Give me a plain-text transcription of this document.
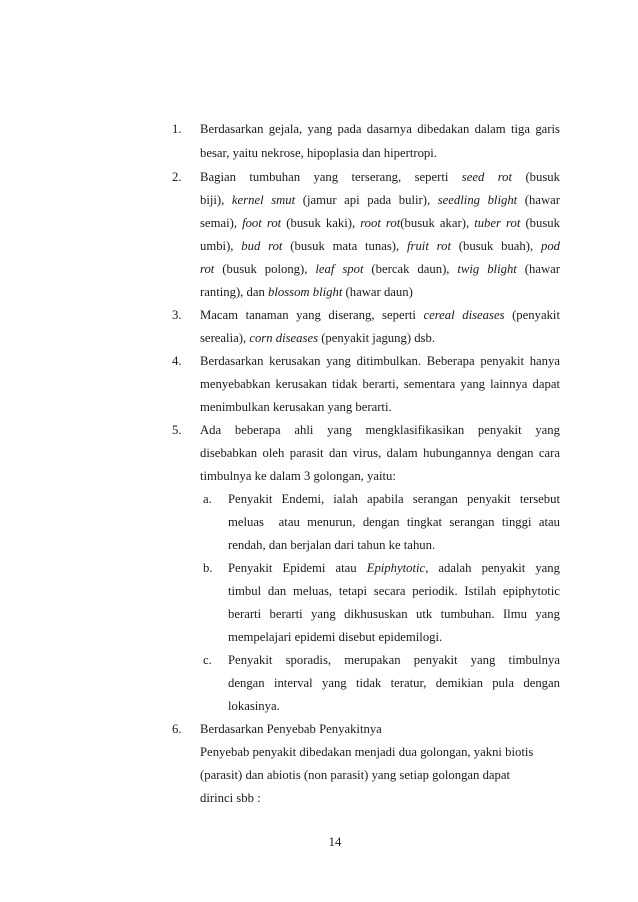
1. Berdasarkan gejala, yang pada dasarnya dibedakan dalam tiga garis
besar, yaitu nekrose, hipoplasia dan hipertropi.
2. Bagian tumbuhan yang terserang, seperti seed rot (busuk
biji), kernel smut (jamur api pada bulir), seedling blight (hawar
semai), foot rot (busuk kaki), root rot(busuk akar), tuber rot (busuk
umbi), bud rot (busuk mata tunas), fruit rot (busuk buah), pod
rot (busuk polong), leaf spot (bercak daun), twig blight (hawar
ranting), dan blossom blight (hawar daun)
3. Macam tanaman yang diserang, seperti cereal diseases (penyakit
serealia), corn diseases (penyakit jagung) dsb.
4. Berdasarkan kerusakan yang ditimbulkan. Beberapa penyakit hanya
menyebabkan kerusakan tidak berarti, sementara yang lainnya dapat
menimbulkan kerusakan yang berarti.
5. Ada beberapa ahli yang mengklasifikasikan penyakit yang
disebabkan oleh parasit dan virus, dalam hubungannya dengan cara
timbulnya ke dalam 3 golongan, yaitu:
a. Penyakit Endemi, ialah apabila serangan penyakit tersebut
meluas  atau menurun, dengan tingkat serangan tinggi atau
rendah, dan berjalan dari tahun ke tahun.
b. Penyakit Epidemi atau Epiphytotic, adalah penyakit yang
timbul dan meluas, tetapi secara periodik. Istilah epiphytotic
berarti berarti yang dikhususkan utk tumbuhan. Ilmu yang
mempelajari epidemi disebut epidemilogi.
c. Penyakit sporadis, merupakan penyakit yang timbulnya
dengan interval yang tidak teratur, demikian pula dengan
lokasinya.
6. Berdasarkan Penyebab Penyakitnya
Penyebab penyakit dibedakan menjadi dua golongan, yakni biotis
(parasit) dan abiotis (non parasit) yang setiap golongan dapat
dirinci sbb :
14
